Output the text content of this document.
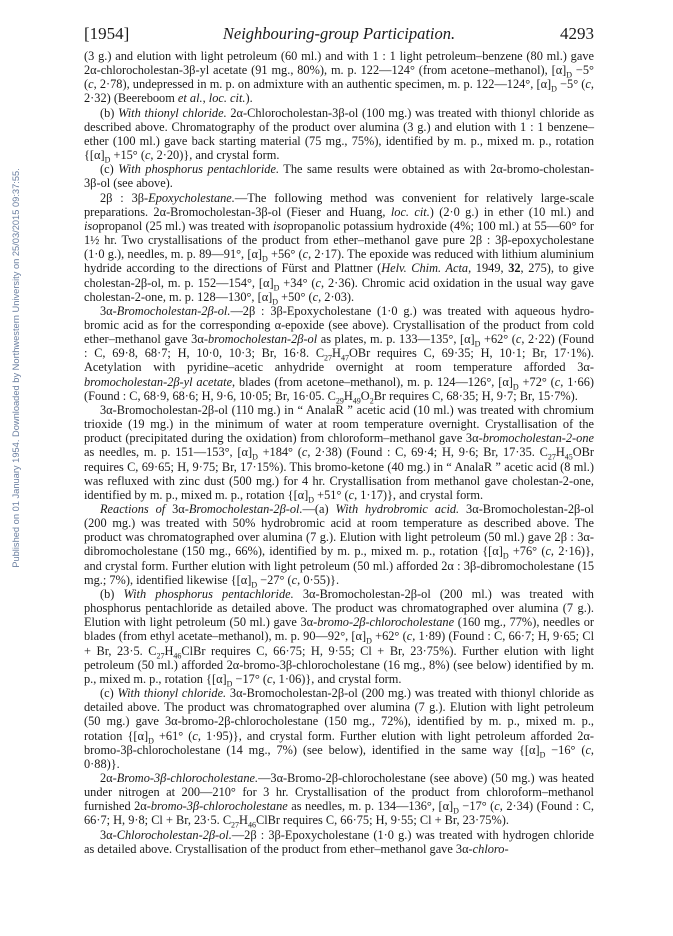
Published on 01 January 1954. Downloaded by Northwestern University on 25/03/2015 09:37:55.
[1954]	Neighbouring-group Participation.	4293

(3 g.) and elution with light petroleum (60 ml.) and with 1 : 1 light petroleum–benzene (80 ml.) gave 2α-chlorocholestan-3β-yl acetate (91 mg., 80%), m. p. 122—124° (from acetone–methanol), $[\alpha]_D -5^\circ$ (c, 2·78), undepressed in m. p. on admixture with an authentic specimen, m. p. 122—124°, $[\alpha]_D -5^\circ$ (c, 2·32) (Beereboom et al., loc. cit.).

(b) With thionyl chloride. 2α-Chlorocholestan-3β-ol (100 mg.) was treated with thionyl chloride as described above. Chromatography of the product over alumina (3 g.) and elution with 1 : 1 benzene–ether (100 ml.) gave back starting material (75 mg., 75%), identified by m. p., mixed m. p., rotation {$[\alpha]_D +15^\circ$ (c, 2·20)}, and crystal form.

(c) With phosphorus pentachloride. The same results were obtained as with 2α-bromo-cholestan-3β-ol (see above).

2β : 3β-Epoxycholestane.—The following method was convenient for relatively large-scale preparations. 2α-Bromocholestan-3β-ol (Fieser and Huang, loc. cit.) (2·0 g.) in ether (10 ml.) and isopropanol (25 ml.) was treated with isopropanolic potassium hydroxide (4%; 100 ml.) at 55—60° for 1½ hr. Two crystallisations of the product from ether–methanol gave pure 2β : 3β-epoxycholestane (1·0 g.), needles, m. p. 89—91°, $[\alpha]_D +56^\circ$ (c, 2·17). The epoxide was reduced with lithium aluminium hydride according to the directions of Fürst and Plattner (Helv. Chim. Acta, 1949, 32, 275), to give cholestan-2β-ol, m. p. 152—154°, $[\alpha]_D +34^\circ$ (c, 2·36). Chromic acid oxidation in the usual way gave cholestan-2-one, m. p. 128—130°, $[\alpha]_D +50^\circ$ (c, 2·03).

3α-Bromocholestan-2β-ol.—2β : 3β-Epoxycholestane (1·0 g.) was treated with aqueous hydro-bromic acid as for the corresponding α-epoxide (see above). Crystallisation of the product from cold ether–methanol gave 3α-bromocholestan-2β-ol as plates, m. p. 133—135°, $[\alpha]_D +62^\circ$ (c, 2·22) (Found : C, 69·8, 68·7; H, 10·0, 10·3; Br, 16·8. $C_{27}H_{47}OBr$ requires C, 69·35; H, 10·1; Br, 17·1%). Acetylation with pyridine–acetic anhydride overnight at room temperature afforded 3α-bromocholestan-2β-yl acetate, blades (from acetone–methanol), m. p. 124—126°, $[\alpha]_D +72^\circ$ (c, 1·66) (Found : C, 68·9, 68·6; H, 9·6, 10·05; Br, 16·05. $C_{29}H_{49}O_2Br$ requires C, 68·35; H, 9·7; Br, 15·7%).

3α-Bromocholestan-2β-ol (110 mg.) in “ AnalaR ” acetic acid (10 ml.) was treated with chromium trioxide (19 mg.) in the minimum of water at room temperature overnight. Crystallisation of the product (precipitated during the oxidation) from chloroform–methanol gave 3α-bromocholestan-2-one as needles, m. p. 151—153°, $[\alpha]_D +184^\circ$ (c, 2·38) (Found : C, 69·4; H, 9·6; Br, 17·35. $C_{27}H_{45}OBr$ requires C, 69·65; H, 9·75; Br, 17·15%). This bromo-ketone (40 mg.) in “ AnalaR ” acetic acid (8 ml.) was refluxed with zinc dust (500 mg.) for 4 hr. Crystallisation from methanol gave cholestan-2-one, identified by m. p., mixed m. p., rotation {$[\alpha]_D +51^\circ$ (c, 1·17)}, and crystal form.

Reactions of 3α-Bromocholestan-2β-ol.—(a) With hydrobromic acid. 3α-Bromocholestan-2β-ol (200 mg.) was treated with 50% hydrobromic acid at room temperature as described above. The product was chromatographed over alumina (7 g.). Elution with light petroleum (50 ml.) gave 2β : 3α-dibromocholestane (150 mg., 66%), identified by m. p., mixed m. p., rotation {$[\alpha]_D +76^\circ$ (c, 2·16)}, and crystal form. Further elution with light petroleum (50 ml.) afforded 2α : 3β-dibromocholestane (15 mg.; 7%), identified likewise {$[\alpha]_D -27^\circ$ (c, 0·55)}.

(b) With phosphorus pentachloride. 3α-Bromocholestan-2β-ol (200 ml.) was treated with phosphorus pentachloride as detailed above. The product was chromatographed over alumina (7 g.). Elution with light petroleum (50 ml.) gave 3α-bromo-2β-chlorocholestane (160 mg., 77%), needles or blades (from ethyl acetate–methanol), m. p. 90—92°, $[\alpha]_D +62^\circ$ (c, 1·89) (Found : C, 66·7; H, 9·65; Cl + Br, 23·5. $C_{27}H_{46}ClBr$ requires C, 66·75; H, 9·55; Cl + Br, 23·75%). Further elution with light petroleum (50 ml.) afforded 2α-bromo-3β-chlorocholestane (16 mg., 8%) (see below) identified by m. p., mixed m. p., rotation {$[\alpha]_D -17^\circ$ (c, 1·06)}, and crystal form.

(c) With thionyl chloride. 3α-Bromocholestan-2β-ol (200 mg.) was treated with thionyl chloride as detailed above. The product was chromatographed over alumina (7 g.). Elution with light petroleum (50 mg.) gave 3α-bromo-2β-chlorocholestane (150 mg., 72%), identified by m. p., mixed m. p., rotation {$[\alpha]_D +61^\circ$ (c, 1·95)}, and crystal form. Further elution with light petroleum afforded 2α-bromo-3β-chlorocholestane (14 mg., 7%) (see below), identified in the same way {$[\alpha]_D -16^\circ$ (c, 0·88)}.

2α-Bromo-3β-chlorocholestane.—3α-Bromo-2β-chlorocholestane (see above) (50 mg.) was heated under nitrogen at 200—210° for 3 hr. Crystallisation of the product from chloroform–methanol furnished 2α-bromo-3β-chlorocholestane as needles, m. p. 134—136°, $[\alpha]_D -17^\circ$ (c, 2·34) (Found : C, 66·7; H, 9·8; Cl + Br, 23·5. $C_{27}H_{46}ClBr$ requires C, 66·75; H, 9·55; Cl + Br, 23·75%).

3α-Chlorocholestan-2β-ol.—2β : 3β-Epoxycholestane (1·0 g.) was treated with hydrogen chloride as detailed above. Crystallisation of the product from ether–methanol gave 3α-chloro-
